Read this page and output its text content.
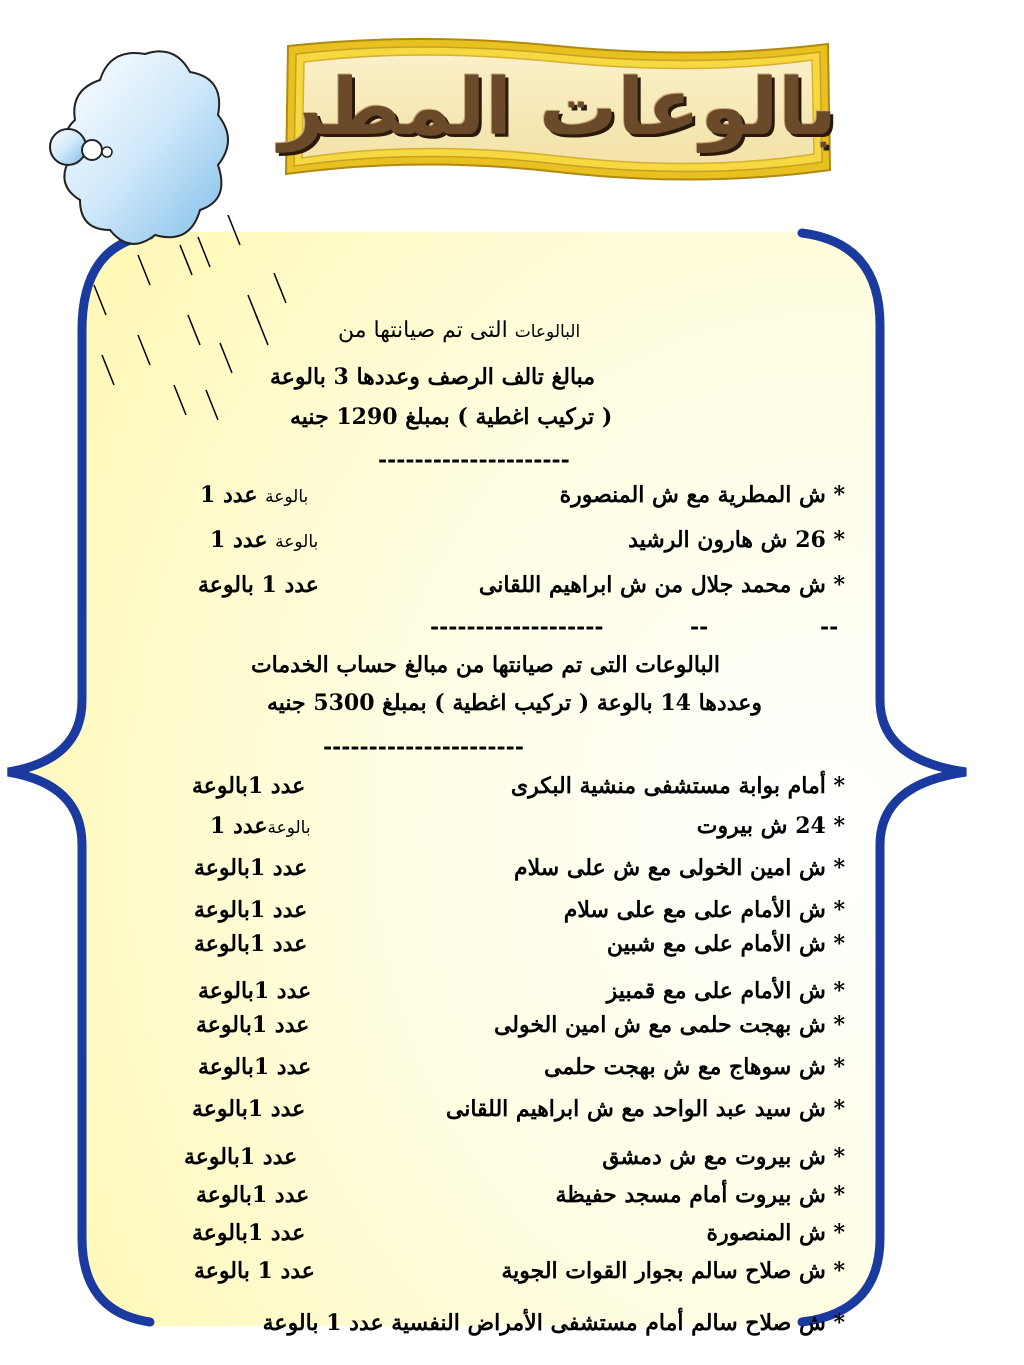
بالوعات المطر
البالوعات التى تم صيانتها من
مبالغ تالف الرصف وعددها 3 بالوعة
( تركيب اغطية ) بمبلغ 1290 جنيه
---------------------
* ش المطرية مع ش المنصورة
بالوعة عدد 1
* 26 ش هارون الرشيد
بالوعة عدد 1
* ش محمد جلال من ش ابراهيم اللقانى
عدد 1 بالوعة
--
--
-------------------
البالوعات التى تم صيانتها من مبالغ حساب الخدمات
وعددها 14 بالوعة ( تركيب اغطية ) بمبلغ 5300 جنيه
----------------------
* أمام بوابة مستشفى منشية البكرى
عدد 1بالوعة
* 24 ش بيروت
بالوعةعدد 1
* ش امين الخولى مع ش على سلام
عدد 1بالوعة
* ش الأمام على مع على سلام
عدد 1بالوعة
* ش الأمام على مع شبين
عدد 1بالوعة
* ش الأمام على مع قمبيز
عدد 1بالوعة
* ش بهجت حلمى مع ش امين الخولى
عدد 1بالوعة
* ش سوهاج مع ش بهجت حلمى
عدد 1بالوعة
* ش سيد عبد الواحد مع ش ابراهيم اللقانى
عدد 1بالوعة
* ش بيروت مع ش دمشق
عدد 1بالوعة
* ش بيروت أمام مسجد حفيظة
عدد 1بالوعة
* ش المنصورة
عدد 1بالوعة
* ش صلاح سالم بجوار القوات الجوية
عدد 1 بالوعة
* ش صلاح سالم أمام مستشفى الأمراض النفسية عدد 1 بالوعة
